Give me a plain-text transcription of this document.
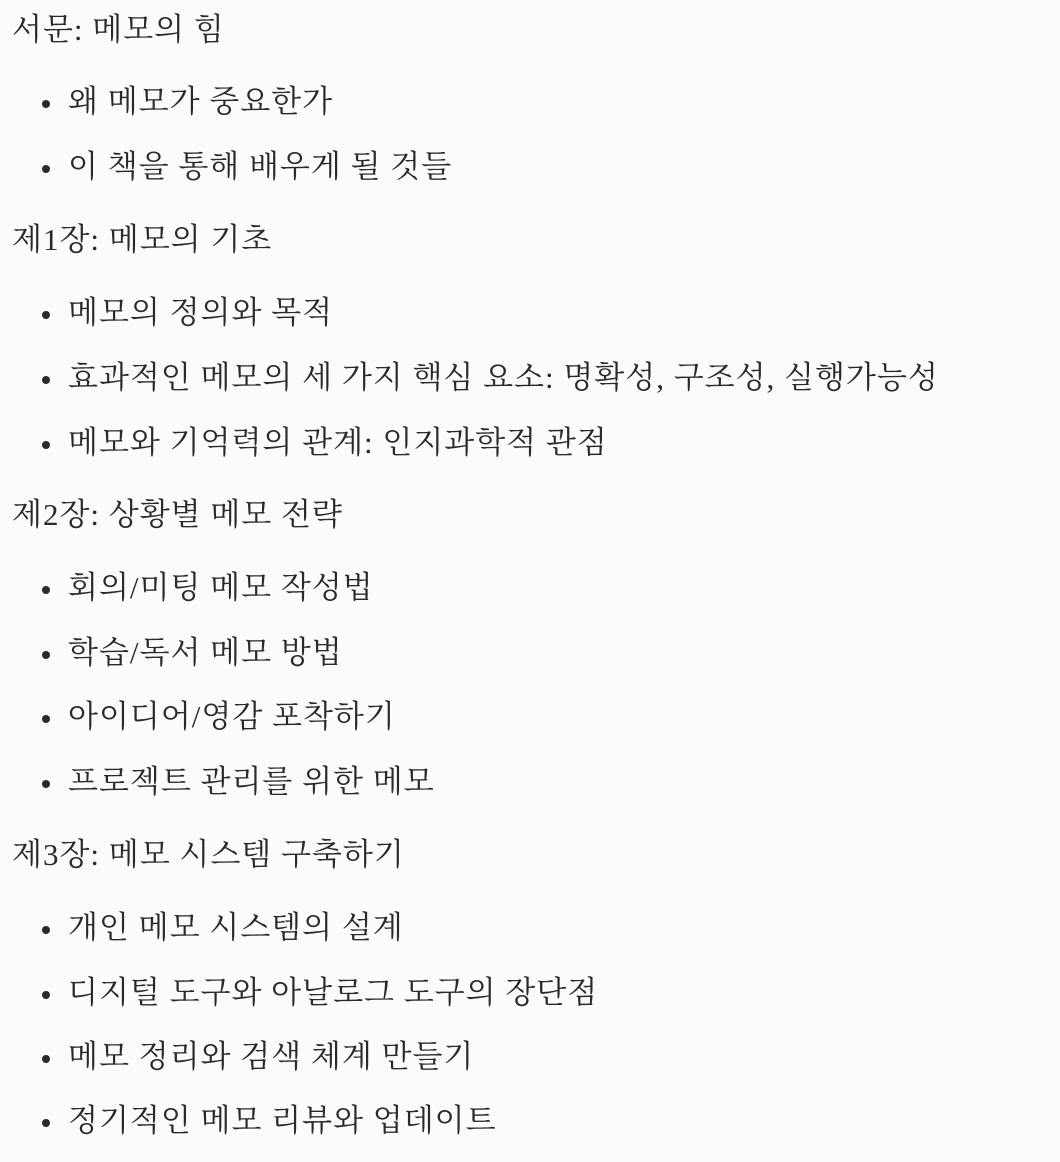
서문: 메모의 힘
왜 메모가 중요한가
이 책을 통해 배우게 될 것들
제1장: 메모의 기초
메모의 정의와 목적
효과적인 메모의 세 가지 핵심 요소: 명확성, 구조성, 실행가능성
메모와 기억력의 관계: 인지과학적 관점
제2장: 상황별 메모 전략
회의/미팅 메모 작성법
학습/독서 메모 방법
아이디어/영감 포착하기
프로젝트 관리를 위한 메모
제3장: 메모 시스템 구축하기
개인 메모 시스템의 설계
디지털 도구와 아날로그 도구의 장단점
메모 정리와 검색 체계 만들기
정기적인 메모 리뷰와 업데이트
